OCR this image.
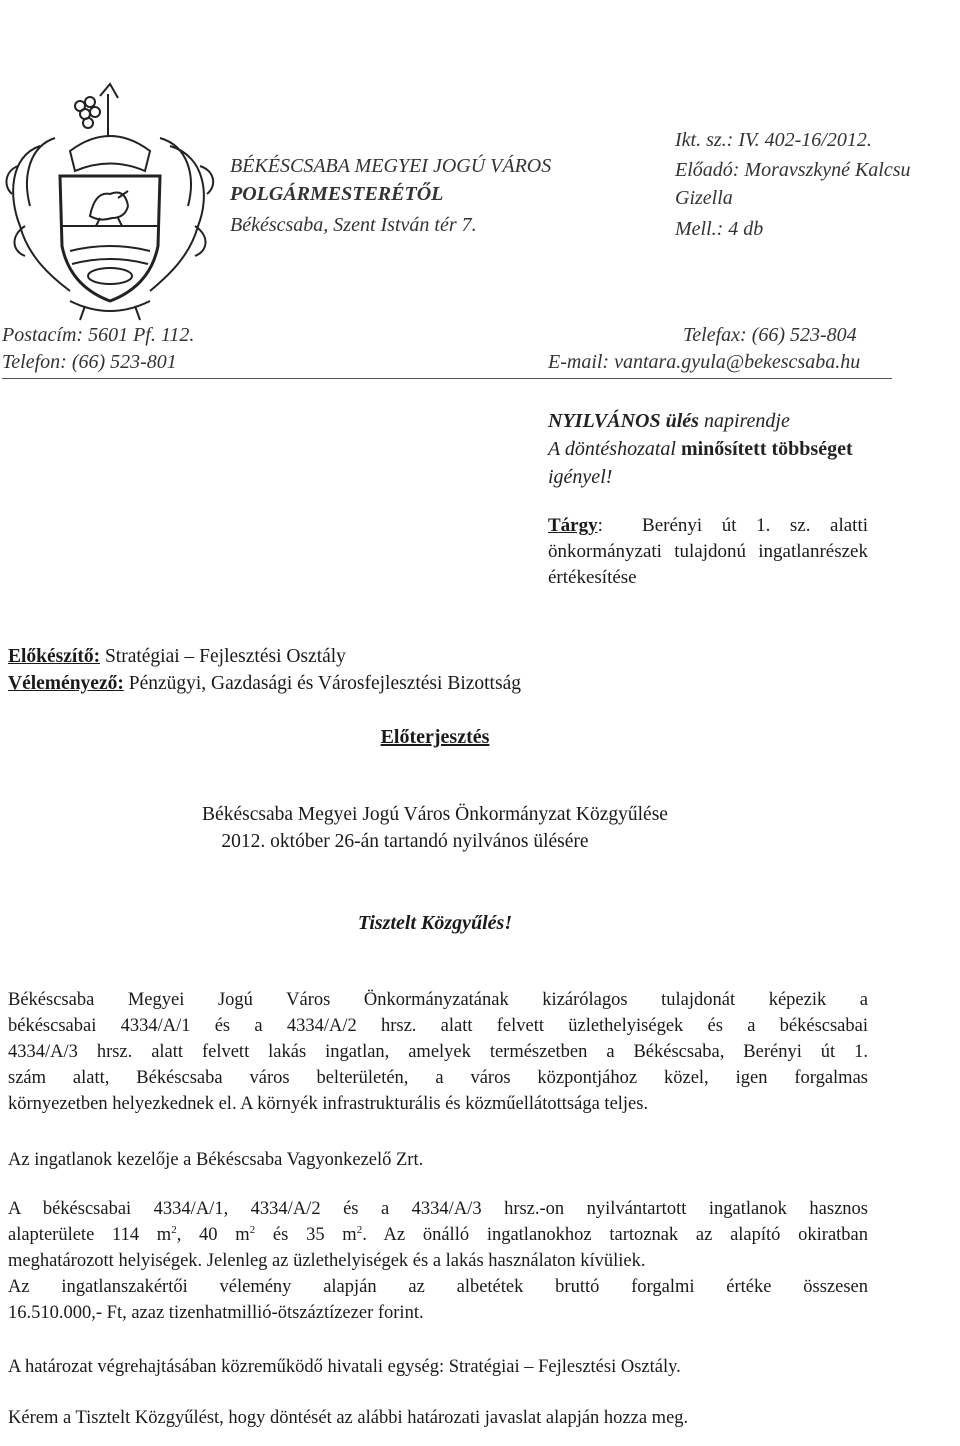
BÉKÉSCSABA MEGYEI JOGÚ VÁROS
POLGÁRMESTERÉTŐL
Békéscsaba, Szent István tér 7.
Ikt. sz.: IV. 402-16/2012.
Előadó: Moravszkyné Kalcsu
Gizella
Mell.: 4 db
Postacím: 5601 Pf. 112.
Telefon: (66) 523-801
Telefax: (66) 523-804
E-mail: vantara.gyula@bekescsaba.hu
NYILVÁNOS ülés napirendje
A döntéshozatal minősített többséget
igényel!
Tárgy: Berényi út 1. sz. alatti
önkormányzati tulajdonú ingatlanrészek
értékesítése
Előkészítő: Stratégiai – Fejlesztési Osztály
Véleményező: Pénzügyi, Gazdasági és Városfejlesztési Bizottság
Előterjesztés
Békéscsaba Megyei Jogú Város Önkormányzat Közgyűlése
2012. október 26-án tartandó nyilvános ülésére
Tisztelt Közgyűlés!
Békéscsaba Megyei Jogú Város Önkormányzatának kizárólagos tulajdonát képezik a
békéscsabai 4334/A/1 és a 4334/A/2 hrsz. alatt felvett üzlethelyiségek és a békéscsabai
4334/A/3 hrsz. alatt felvett lakás ingatlan, amelyek természetben a Békéscsaba, Berényi út 1.
szám alatt, Békéscsaba város belterületén, a város központjához közel, igen forgalmas
környezetben helyezkednek el. A környék infrastrukturális és közműellátottsága teljes.
Az ingatlanok kezelője a Békéscsaba Vagyonkezelő Zrt.
A békéscsabai 4334/A/1, 4334/A/2 és a 4334/A/3 hrsz.-on nyilvántartott ingatlanok hasznos
alapterülete 114 $m^2$, 40 $m^2$ és 35 $m^2$. Az önálló ingatlanokhoz tartoznak az alapító okiratban
meghatározott helyiségek. Jelenleg az üzlethelyiségek és a lakás használaton kívüliek.
Az ingatlanszakértői vélemény alapján az albetétek bruttó forgalmi értéke összesen
16.510.000,- Ft, azaz tizenhatmillió-ötszáztízezer forint.
A határozat végrehajtásában közreműködő hivatali egység: Stratégiai – Fejlesztési Osztály.
Kérem a Tisztelt Közgyűlést, hogy döntését az alábbi határozati javaslat alapján hozza meg.
